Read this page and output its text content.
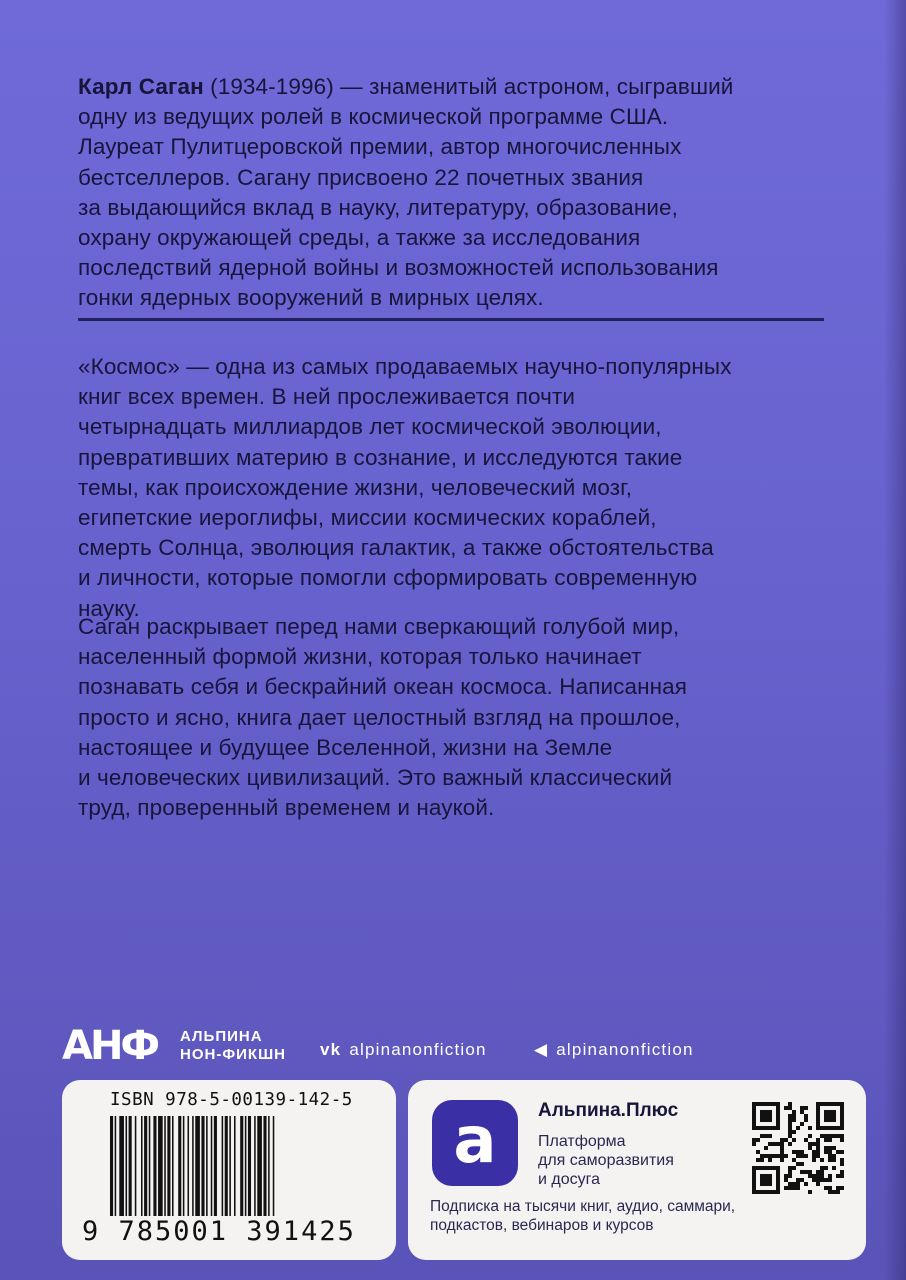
Карл Саган (1934-1996) — знаменитый астроном, сыгравший

одну из ведущих ролей в космической программе США.

Лауреат Пулитцеровской премии, автор многочисленных

бестселлеров. Сагану присвоено 22 почетных звания

за выдающийся вклад в науку, литературу, образование,

охрану окружающей среды, а также за исследования

последствий ядерной войны и возможностей использования

гонки ядерных вооружений в мирных целях.

«Космос» — одна из самых продаваемых научно-популярных

книг всех времен. В ней прослеживается почти

четырнадцать миллиардов лет космической эволюции,

превративших материю в сознание, и исследуются такие

темы, как происхождение жизни, человеческий мозг,

египетские иероглифы, миссии космических кораблей,

смерть Солнца, эволюция галактик, а также обстоятельства

и личности, которые помогли сформировать современную

науку.

Саган раскрывает перед нами сверкающий голубой мир,

населенный формой жизни, которая только начинает

познавать себя и бескрайний океан космоса. Написанная

просто и ясно, книга дает целостный взгляд на прошлое,

настоящее и будущее Вселенной, жизни на Земле

и человеческих цивилизаций. Это важный классический

труд, проверенный временем и наукой.

АНФ	АЛЬПИНА
НОН-ФИКШН vk alpinanonfiction	◀ alpinanonfiction
ISBN 978-5-00139-142-5
9 785001 391425
a	Альпина.Плюс
Платформа
для саморазвития
и досуга
Подписка на тысячи книг, аудио, саммари,
подкастов, вебинаров и курсов
